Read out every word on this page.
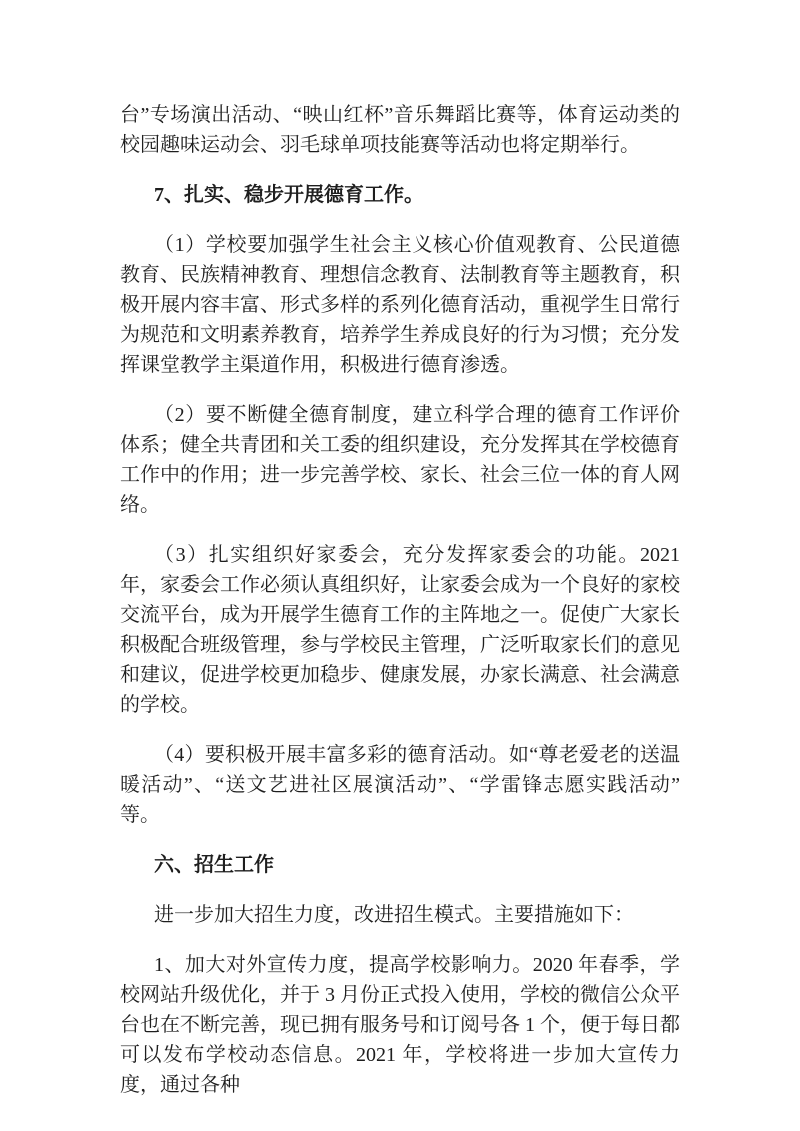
台”专场演出活动、“映山红杯”音乐舞蹈比赛等，体育运动类的校园趣味运动会、羽毛球单项技能赛等活动也将定期举行。

7、扎实、稳步开展德育工作。

（1）学校要加强学生社会主义核心价值观教育、公民道德教育、民族精神教育、理想信念教育、法制教育等主题教育，积极开展内容丰富、形式多样的系列化德育活动，重视学生日常行为规范和文明素养教育，培养学生养成良好的行为习惯；充分发挥课堂教学主渠道作用，积极进行德育渗透。

（2）要不断健全德育制度，建立科学合理的德育工作评价体系；健全共青团和关工委的组织建设，充分发挥其在学校德育工作中的作用；进一步完善学校、家长、社会三位一体的育人网络。

（3）扎实组织好家委会，充分发挥家委会的功能。2021 年，家委会工作必须认真组织好，让家委会成为一个良好的家校交流平台，成为开展学生德育工作的主阵地之一。促使广大家长积极配合班级管理，参与学校民主管理，广泛听取家长们的意见和建议，促进学校更加稳步、健康发展，办家长满意、社会满意的学校。

（4）要积极开展丰富多彩的德育活动。如“尊老爱老的送温暖活动”、“送文艺进社区展演活动”、“学雷锋志愿实践活动”等。

六、招生工作

进一步加大招生力度，改进招生模式。主要措施如下：

1、加大对外宣传力度，提高学校影响力。2020 年春季，学校网站升级优化，并于 3 月份正式投入使用，学校的微信公众平台也在不断完善，现已拥有服务号和订阅号各 1 个，便于每日都可以发布学校动态信息。2021 年，学校将进一步加大宣传力度，通过各种
